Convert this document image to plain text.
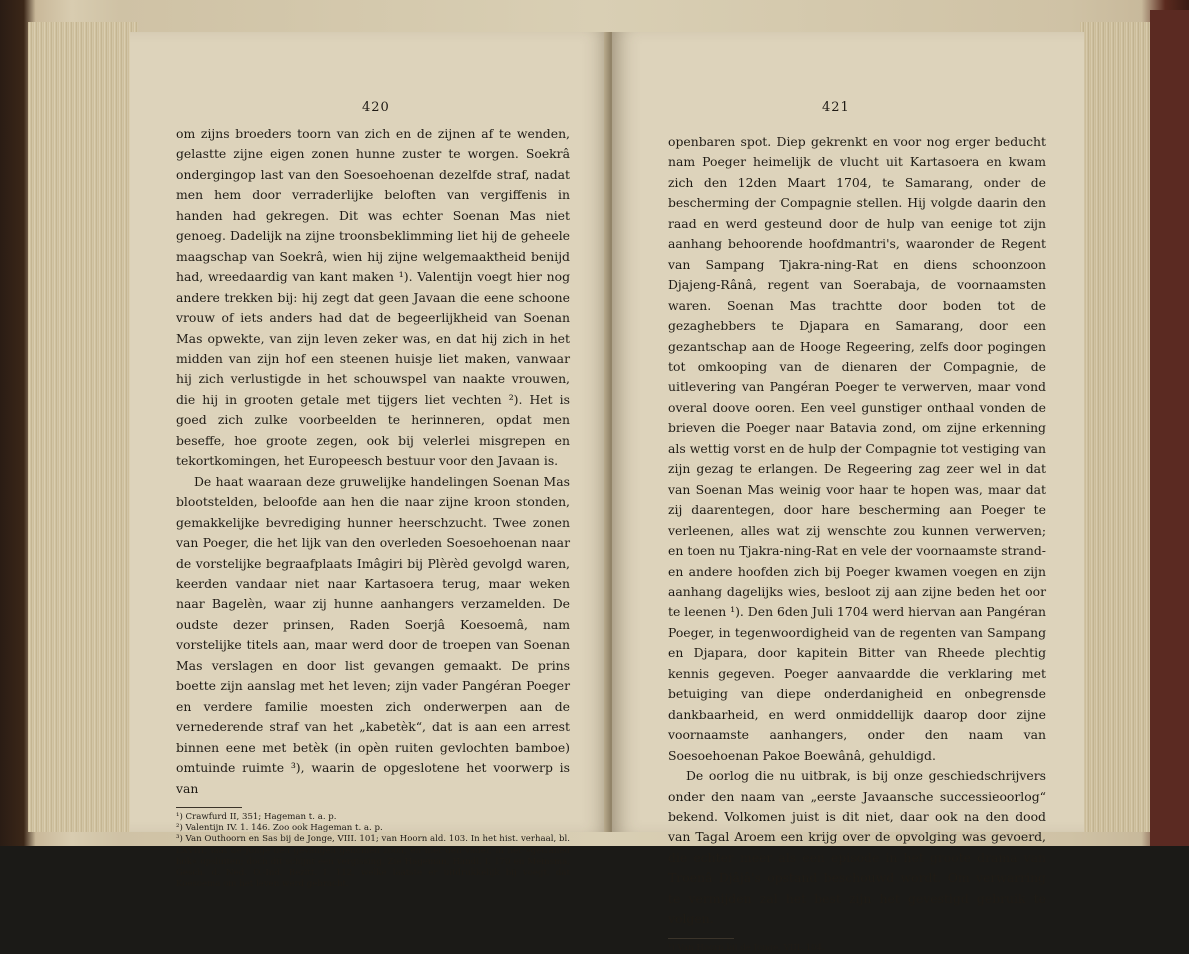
420

om zijns broeders toorn van zich en de zijnen af te wenden, gelastte zijne eigen zonen hunne zuster te worgen. Soekrâ ondergingop last van den Soesoehoenan dezelfde straf, nadat men hem door verraderlijke beloften van vergiffenis in handen had gekregen. Dit was echter Soenan Mas niet genoeg. Dadelijk na zijne troonsbeklimming liet hij de geheele maagschap van Soekrâ, wien hij zijne welgemaaktheid benijd had, wreedaardig van kant maken ¹). Valentijn voegt hier nog andere trekken bij: hij zegt dat geen Javaan die eene schoone vrouw of iets anders had dat de begeerlijkheid van Soenan Mas opwekte, van zijn leven zeker was, en dat hij zich in het midden van zijn hof een steenen huisje liet maken, vanwaar hij zich verlustigde in het schouwspel van naakte vrouwen, die hij in grooten getale met tijgers liet vechten ²). Het is goed zich zulke voorbeelden te herinneren, opdat men beseffe, hoe groote zegen, ook bij velerlei misgrepen en tekortkomingen, het Europeesch bestuur voor den Javaan is.

De haat waaraan deze gruwelijke handelingen Soenan Mas blootstelden, beloofde aan hen die naar zijne kroon stonden, gemakkelijke bevrediging hunner heerschzucht. Twee zonen van Poeger, die het lijk van den overleden Soesoehoenan naar de vorstelijke begraafplaats Imâgiri bij Plèrèd gevolgd waren, keerden vandaar niet naar Kartasoera terug, maar weken naar Bagelèn, waar zij hunne aanhangers verzamelden. De oudste dezer prinsen, Raden Soerjâ Koesoemâ, nam vorstelijke titels aan, maar werd door de troepen van Soenan Mas verslagen en door list gevangen gemaakt. De prins boette zijn aanslag met het leven; zijn vader Pangéran Poeger en verdere familie moesten zich onderwerpen aan de vernederende straf van het „kabetèk“, dat is aan een arrest binnen eene met betèk (in opèn ruiten gevlochten bamboe) omtuinde ruimte ³), waarin de opgeslotene het voorwerp is van

¹) Crawfurd II, 351; Hageman t. a. p.

²) Valentijn IV. 1. 146. Zoo ook Hageman t. a. p.

³) Van Outhoorn en Sas bij de Jonge, VIII. 101; van Hoorn ald. 103. In het hist. verhaal, bl. LXVIII, laat de Jonge den gevangen genomen zoon, en niet den vader, in het »getralied hok« opsluiten; doch dit schijnt een vergissing. Zie Hageman, Handl. I. 170 en Meinsma, Gesch. d. Ned. O.-Ind. Bezitt. I. 112, welke laatste er uitdrukkelijk bij voegt, dat Koesoema om het leven werd gebracht.

421

openbaren spot. Diep gekrenkt en voor nog erger beducht nam Poeger heimelijk de vlucht uit Kartasoera en kwam zich den 12den Maart 1704, te Samarang, onder de bescherming der Compagnie stellen. Hij volgde daarin den raad en werd gesteund door de hulp van eenige tot zijn aanhang behoorende hoofdmantri's, waaronder de Regent van Sampang Tjakra-ning-Rat en diens schoonzoon Djajeng-Rânâ, regent van Soerabaja, de voornaamsten waren. Soenan Mas trachtte door boden tot de gezaghebbers te Djapara en Samarang, door een gezantschap aan de Hooge Regeering, zelfs door pogingen tot omkooping van de dienaren der Compagnie, de uitlevering van Pangéran Poeger te verwerven, maar vond overal doove ooren. Een veel gunstiger onthaal vonden de brieven die Poeger naar Batavia zond, om zijne erkenning als wettig vorst en de hulp der Compagnie tot vestiging van zijn gezag te erlangen. De Regeering zag zeer wel in dat van Soenan Mas weinig voor haar te hopen was, maar dat zij daarentegen, door hare bescherming aan Poeger te verleenen, alles wat zij wenschte zou kunnen verwerven; en toen nu Tjakra-ning-Rat en vele der voornaamste strand- en andere hoofden zich bij Poeger kwamen voegen en zijn aanhang dagelijks wies, besloot zij aan zijne beden het oor te leenen ¹). Den 6den Juli 1704 werd hiervan aan Pangéran Poeger, in tegenwoordigheid van de regenten van Sampang en Djapara, door kapitein Bitter van Rheede plechtig kennis gegeven. Poeger aanvaardde die verklaring met betuiging van diepe onderdanigheid en onbegrensde dankbaarheid, en werd onmiddellijk daarop door zijne voornaamste aanhangers, onder den naam van Soesoehoenan Pakoe Boewânâ, gehuldigd.

De oorlog die nu uitbrak, is bij onze geschiedschrijvers onder den naam van „eerste Javaansche successieoorlog“ bekend. Volkomen juist is dit niet, daar ook na den dood van Tagal Aroem een krijg over de opvolging was gevoerd, die echter meer als een episode in het groote drama van Troenâ Djâjâ's opstand beschouwd wordt. Om verwarring te vermijden zal het best zijn het gevestigd gebruik te volgen.

¹) Van Hoorn bij de Jonge, VIII. 104.
